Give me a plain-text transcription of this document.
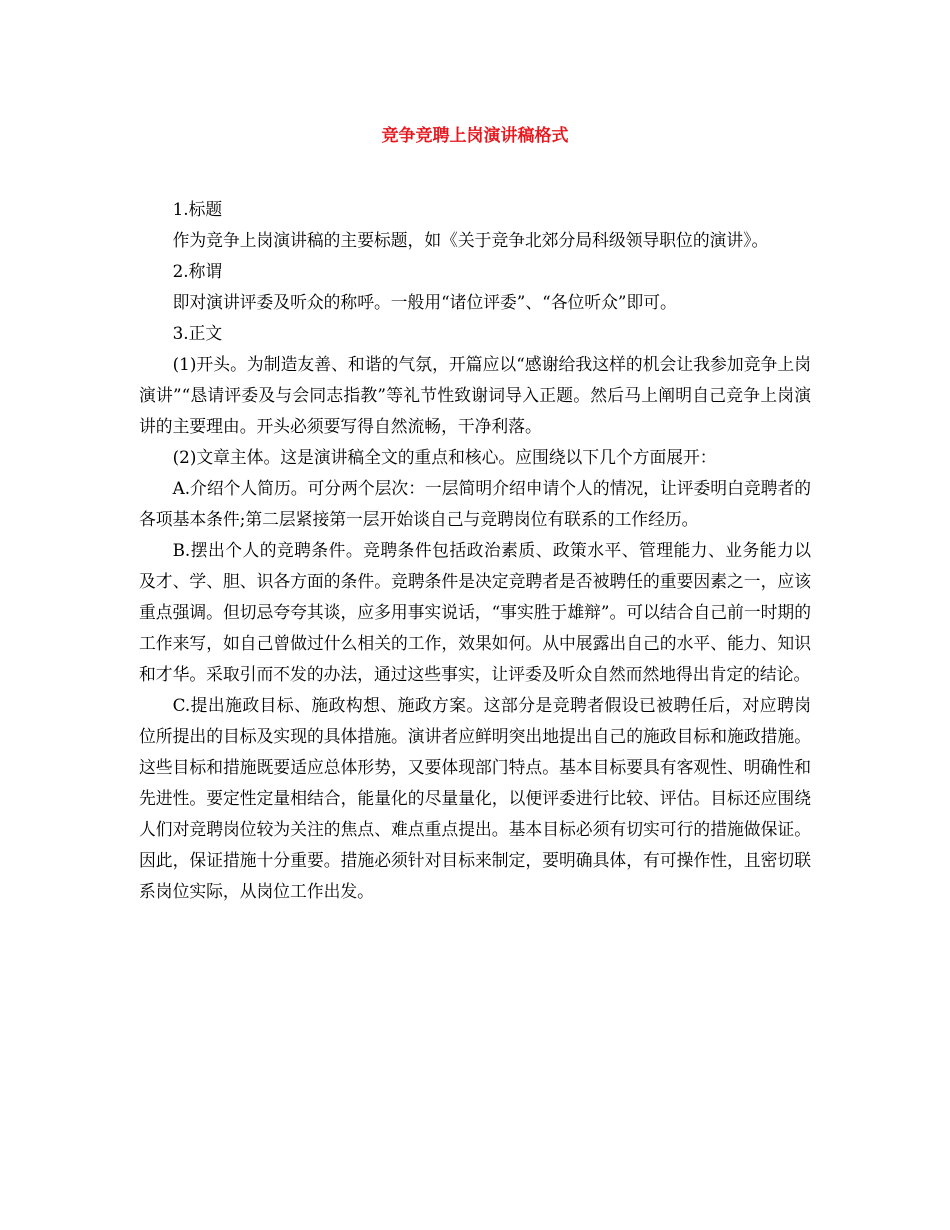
竞争竞聘上岗演讲稿格式

1.标题

作为竞争上岗演讲稿的主要标题，如《关于竞争北郊分局科级领导职位的演讲》。

2.称谓

即对演讲评委及听众的称呼。一般用“诸位评委”、“各位听众”即可。

3.正文

(1)开头。为制造友善、和谐的气氛，开篇应以“感谢给我这样的机会让我参加竞争上岗演讲”“恳请评委及与会同志指教”等礼节性致谢词导入正题。然后马上阐明自己竞争上岗演讲的主要理由。开头必须要写得自然流畅，干净利落。

(2)文章主体。这是演讲稿全文的重点和核心。应围绕以下几个方面展开：

A.介绍个人简历。可分两个层次：一层简明介绍申请个人的情况，让评委明白竞聘者的各项基本条件;第二层紧接第一层开始谈自己与竞聘岗位有联系的工作经历。

B.摆出个人的竞聘条件。竞聘条件包括政治素质、政策水平、管理能力、业务能力以及才、学、胆、识各方面的条件。竞聘条件是决定竞聘者是否被聘任的重要因素之一，应该重点强调。但切忌夸夸其谈，应多用事实说话，“事实胜于雄辩”。可以结合自己前一时期的工作来写，如自己曾做过什么相关的工作，效果如何。从中展露出自己的水平、能力、知识和才华。采取引而不发的办法，通过这些事实，让评委及听众自然而然地得出肯定的结论。

C.提出施政目标、施政构想、施政方案。这部分是竞聘者假设已被聘任后，对应聘岗位所提出的目标及实现的具体措施。演讲者应鲜明突出地提出自己的施政目标和施政措施。这些目标和措施既要适应总体形势，又要体现部门特点。基本目标要具有客观性、明确性和先进性。要定性定量相结合，能量化的尽量量化，以便评委进行比较、评估。目标还应围绕人们对竞聘岗位较为关注的焦点、难点重点提出。基本目标必须有切实可行的措施做保证。因此，保证措施十分重要。措施必须针对目标来制定，要明确具体，有可操作性，且密切联系岗位实际，从岗位工作出发。
